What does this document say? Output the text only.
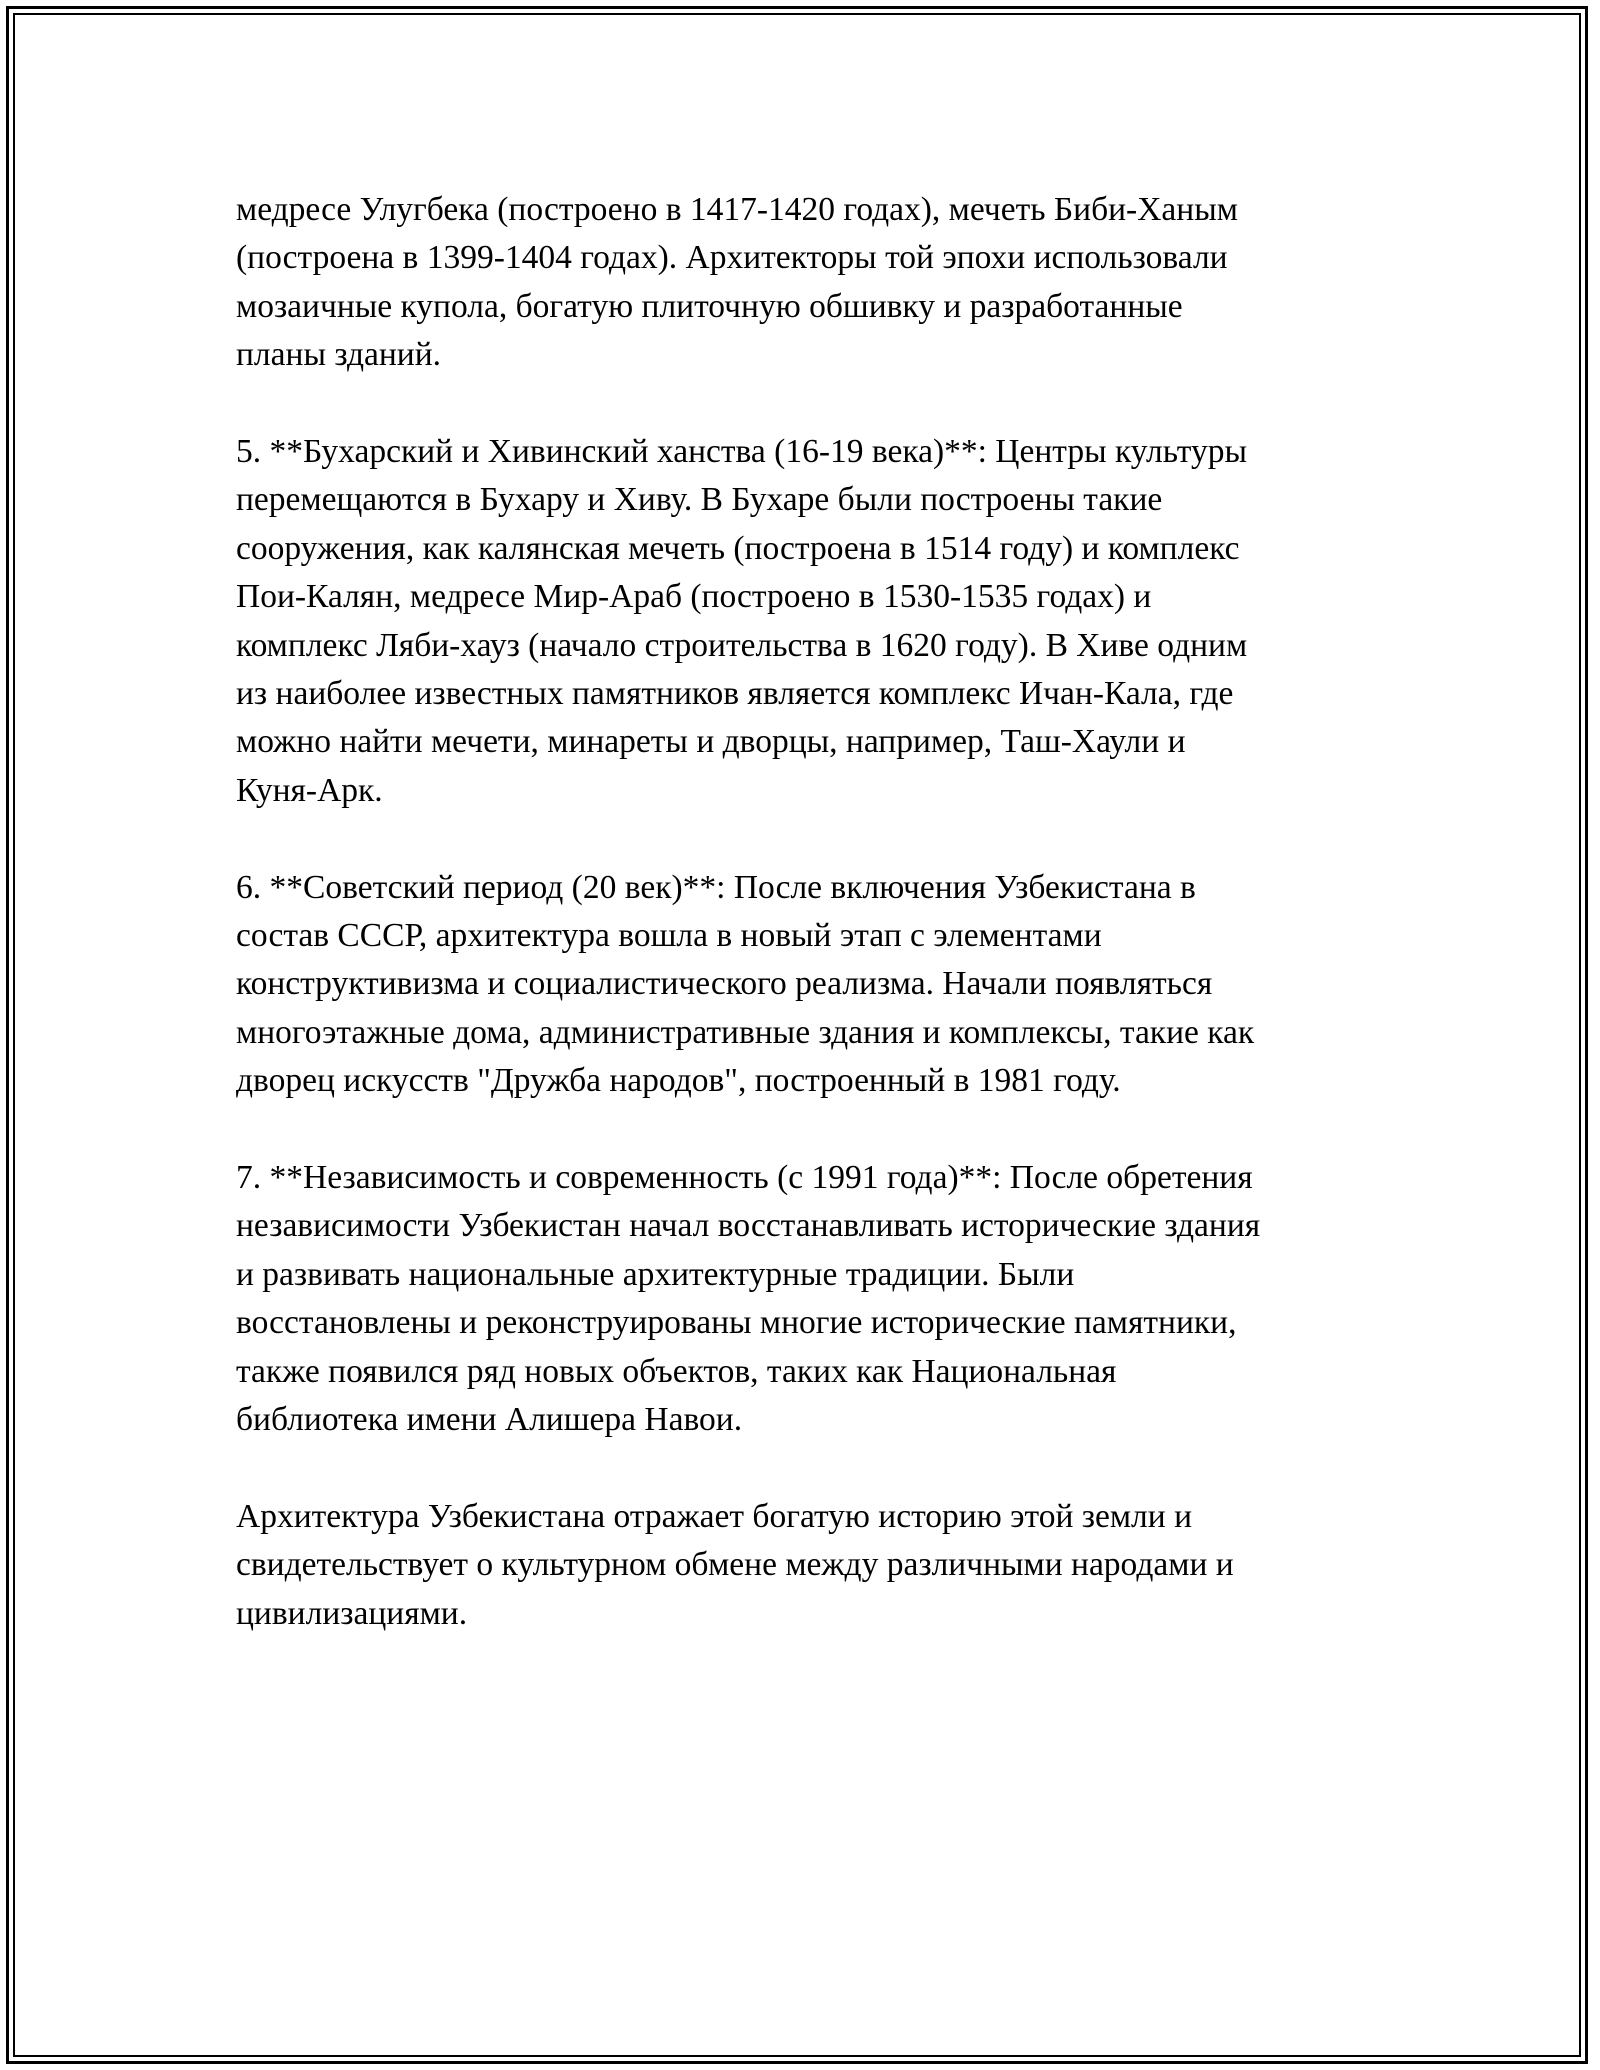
медресе Улугбека (построено в 1417-1420 годах), мечеть Биби-Ханым
(построена в 1399-1404 годах). Архитекторы той эпохи использовали
мозаичные купола, богатую плиточную обшивку и разработанные
планы зданий.
5. **Бухарский и Хивинский ханства (16-19 века)**: Центры культуры
перемещаются в Бухару и Хиву. В Бухаре были построены такие
сооружения, как калянская мечеть (построена в 1514 году) и комплекс
Пои-Калян, медресе Мир-Араб (построено в 1530-1535 годах) и
комплекс Ляби-хауз (начало строительства в 1620 году). В Хиве одним
из наиболее известных памятников является комплекс Ичан-Кала, где
можно найти мечети, минареты и дворцы, например, Таш-Хаули и
Куня-Арк.
6. **Советский период (20 век)**: После включения Узбекистана в
состав СССР, архитектура вошла в новый этап с элементами
конструктивизма и социалистического реализма. Начали появляться
многоэтажные дома, административные здания и комплексы, такие как
дворец искусств "Дружба народов", построенный в 1981 году.
7. **Независимость и современность (с 1991 года)**: После обретения
независимости Узбекистан начал восстанавливать исторические здания
и развивать национальные архитектурные традиции. Были
восстановлены и реконструированы многие исторические памятники,
также появился ряд новых объектов, таких как Национальная
библиотека имени Алишера Навои.
Архитектура Узбекистана отражает богатую историю этой земли и
свидетельствует о культурном обмене между различными народами и
цивилизациями.
